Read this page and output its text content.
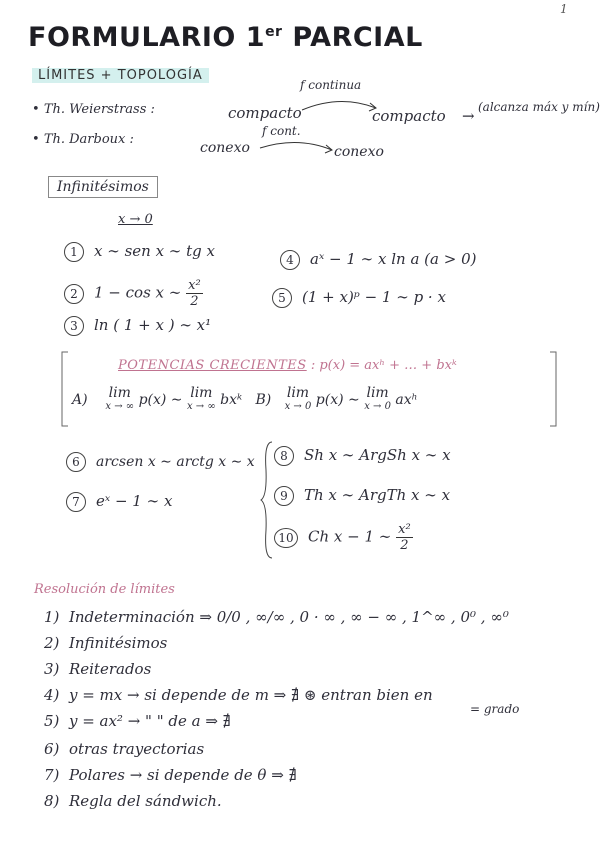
1
FORMULARIO 1er PARCIAL
LÍMITES + TOPOLOGÍA
• Th. Weierstrass :	compacto
f continua
compacto → (alcanza máx y mín)
• Th. Darboux :
conexo
f cont.
conexo
Infinitésimos
x → 0
1 x ∼ sen x ∼ tg x
2 1 − cos x ∼ $\frac{\text{x²}}{2}$
3 ln ( 1 + x ) ∼ x¹
4 aˣ − 1 ∼ x ln a (a > 0)
5 (1 + x)ᵖ − 1 ∼ p · x
POTENCIAS CRECIENTES : p(x) = axʰ + … + bxᵏ
A) lim
x → ∞ p(x) ∼ lim
x → ∞ bxᵏ B) lim
x → 0 p(x) ∼ lim
x → 0 axʰ
6 arcsen x ∼ arctg x ∼ x
7 eˣ − 1 ∼ x
8 Sh x ∼ ArgSh x ∼ x
9 Th x ∼ ArgTh x ∼ x
10 Ch x − 1 ∼ $\frac{\text{x²}}{2}$
Resolución de límites
1) Indeterminación ⇒ 0/0 , ∞/∞ , 0 · ∞ , ∞ − ∞ , 1^∞ , 0⁰ , ∞⁰
2) Infinitésimos
3) Reiterados
4) y = mx → si depende de m ⇒ ∄ ⊛ entran bien en
= grado
5) y = ax² → " " de a ⇒ ∄
6) otras trayectorias
7) Polares → si depende de θ ⇒ ∄
8) Regla del sándwich.
